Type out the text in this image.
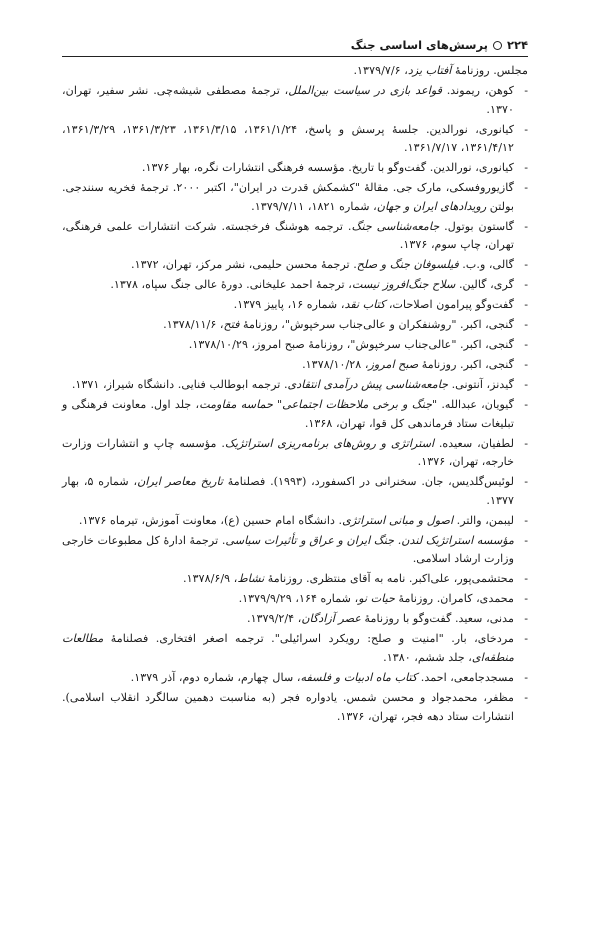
۲۲۴
پرسش‌های اساسی جنگ
مجلس. روزنامهٔ آفتاب یزد، ۱۳۷۹/۷/۶.
-
کوهن، ریموند. قواعد بازی در سیاست بین‌الملل، ترجمهٔ مصطفی شیشه‌چی. نشر سفیر، تهران، ۱۳۷۰.
-
کیانوری، نورالدین. جلسهٔ پرسش و پاسخ، ۱۳۶۱/۱/۲۴، ۱۳۶۱/۳/۱۵، ۱۳۶۱/۳/۲۳، ۱۳۶۱/۳/۲۹، ۱۳۶۱/۴/۱۲، ۱۳۶۱/۷/۱۷.
-
کیانوری، نورالدین. گفت‌وگو با تاریخ. مؤسسه فرهنگی انتشارات نگره، بهار ۱۳۷۶.
-
گازیوروفسکی، مارک جی. مقالهٔ "کشمکش قدرت در ایران"، اکتبر ۲۰۰۰. ترجمهٔ فخریه سنندجی. بولتن رویدادهای ایران و جهان، شماره ۱۸۲۱، ۱۳۷۹/۷/۱۱.
-
گاستون بوتول. جامعه‌شناسی جنگ. ترجمه هوشنگ فرخجسته. شرکت انتشارات علمی فرهنگی، تهران، چاپ سوم، ۱۳۷۶.
-
گالی، و.ب. فیلسوفان جنگ و صلح. ترجمهٔ محسن حلیمی، نشر مرکز، تهران، ۱۳۷۲.
-
گری، گالین. سلاح جنگ‌افروز نیست، ترجمهٔ احمد علیخانی. دورهٔ عالی جنگ سپاه، ۱۳۷۸.
-
گفت‌وگو پیرامون اصلاحات، کتاب نقد، شماره ۱۶، پاییز ۱۳۷۹.
-
گنجی، اکبر. "روشنفکران و عالی‌جناب سرخپوش"، روزنامهٔ فتح، ۱۳۷۸/۱۱/۶.
-
گنجی، اکبر. "عالی‌جناب سرخپوش"، روزنامهٔ صبح امروز، ۱۳۷۸/۱۰/۲۹.
-
گنجی، اکبر. روزنامهٔ صبح امروز، ۱۳۷۸/۱۰/۲۸.
-
گیدنز، آنتونی. جامعه‌شناسی پیش درآمدی انتقادی. ترجمه ابوطالب فنایی. دانشگاه شیراز، ۱۳۷۱.
-
گیویان، عبدالله. "جنگ و برخی ملاحظات اجتماعی" حماسه مقاومت، جلد اول. معاونت فرهنگی و تبلیغات ستاد فرماندهی کل قوا، تهران، ۱۳۶۸.
-
لطفیان، سعیده. استراتژی و روش‌های برنامه‌ریزی استراتژیک. مؤسسه چاپ و انتشارات وزارت خارجه، تهران، ۱۳۷۶.
-
لوئیس‌گلدیس، جان. سخنرانی در اکسفورد، (۱۹۹۳). فصلنامهٔ تاریخ معاصر ایران، شماره ۵، بهار ۱۳۷۷.
-
لیبمن، والتر. اصول و مبانی استراتژی. دانشگاه امام حسین (ع)، معاونت آموزش، تیرماه ۱۳۷۶.
-
مؤسسه استراتژیک لندن. جنگ ایران و عراق و تأثیرات سیاسی. ترجمهٔ ادارهٔ کل مطبوعات خارجی وزارت ارشاد اسلامی.
-
محتشمی‌پور، علی‌اکبر. نامه به آقای منتظری. روزنامهٔ نشاط، ۱۳۷۸/۶/۹.
-
محمدی، کامران. روزنامهٔ حیات نو، شماره ۱۶۴، ۱۳۷۹/۹/۲۹.
-
مدنی، سعید. گفت‌وگو با روزنامهٔ عصر آزادگان، ۱۳۷۹/۲/۴.
-
مردخای، بار. "امنیت و صلح: رویکرد اسرائیلی". ترجمه اصغر افتخاری. فصلنامهٔ مطالعات منطقه‌ای، جلد ششم، ۱۳۸۰.
-
مسجدجامعی، احمد. کتاب ماه ادبیات و فلسفه، سال چهارم، شماره دوم، آذر ۱۳۷۹.
-
مظفر، محمدجواد و محسن شمس. یادواره فجر (به مناسبت دهمین سالگرد انقلاب اسلامی). انتشارات ستاد دهه فجر، تهران، ۱۳۷۶.
